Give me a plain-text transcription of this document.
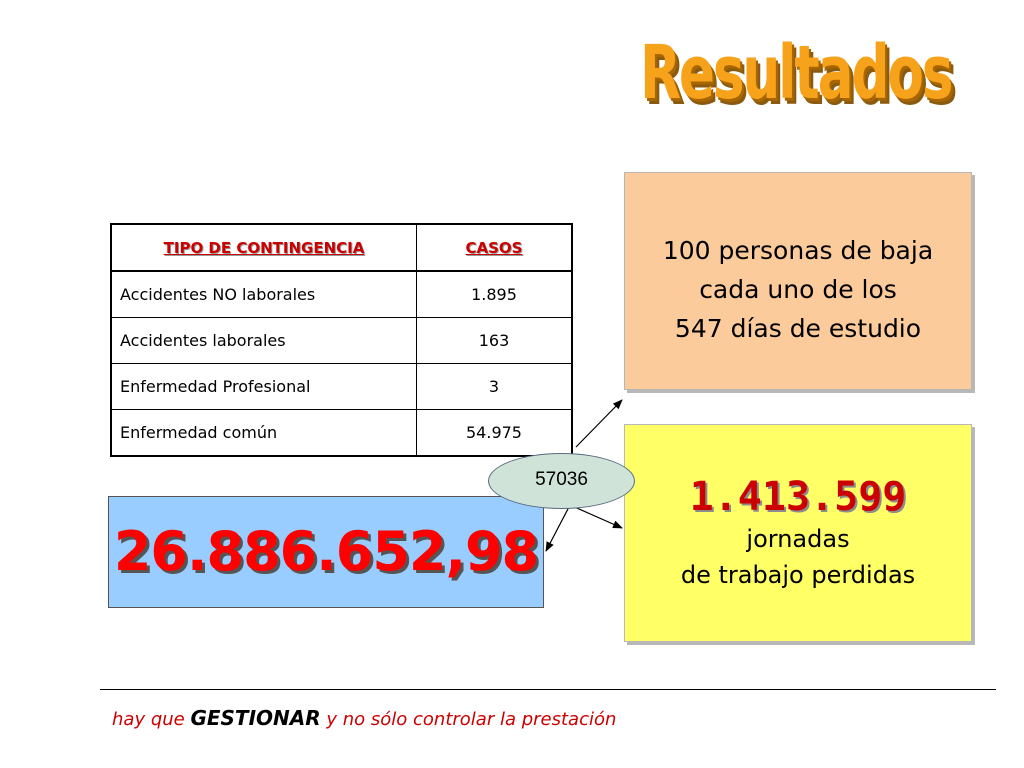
Resultados
TIPO DE CONTINGENCIA	CASOS
Accidentes NO laborales	1.895
Accidentes laborales	163
Enfermedad Profesional	3
Enfermedad común	54.975
100 personas de baja
cada uno de los
547 días de estudio
1.413.599
jornadas
de trabajo perdidas
26.886.652,98
57036
hay que GESTIONAR y no sólo controlar la prestación
